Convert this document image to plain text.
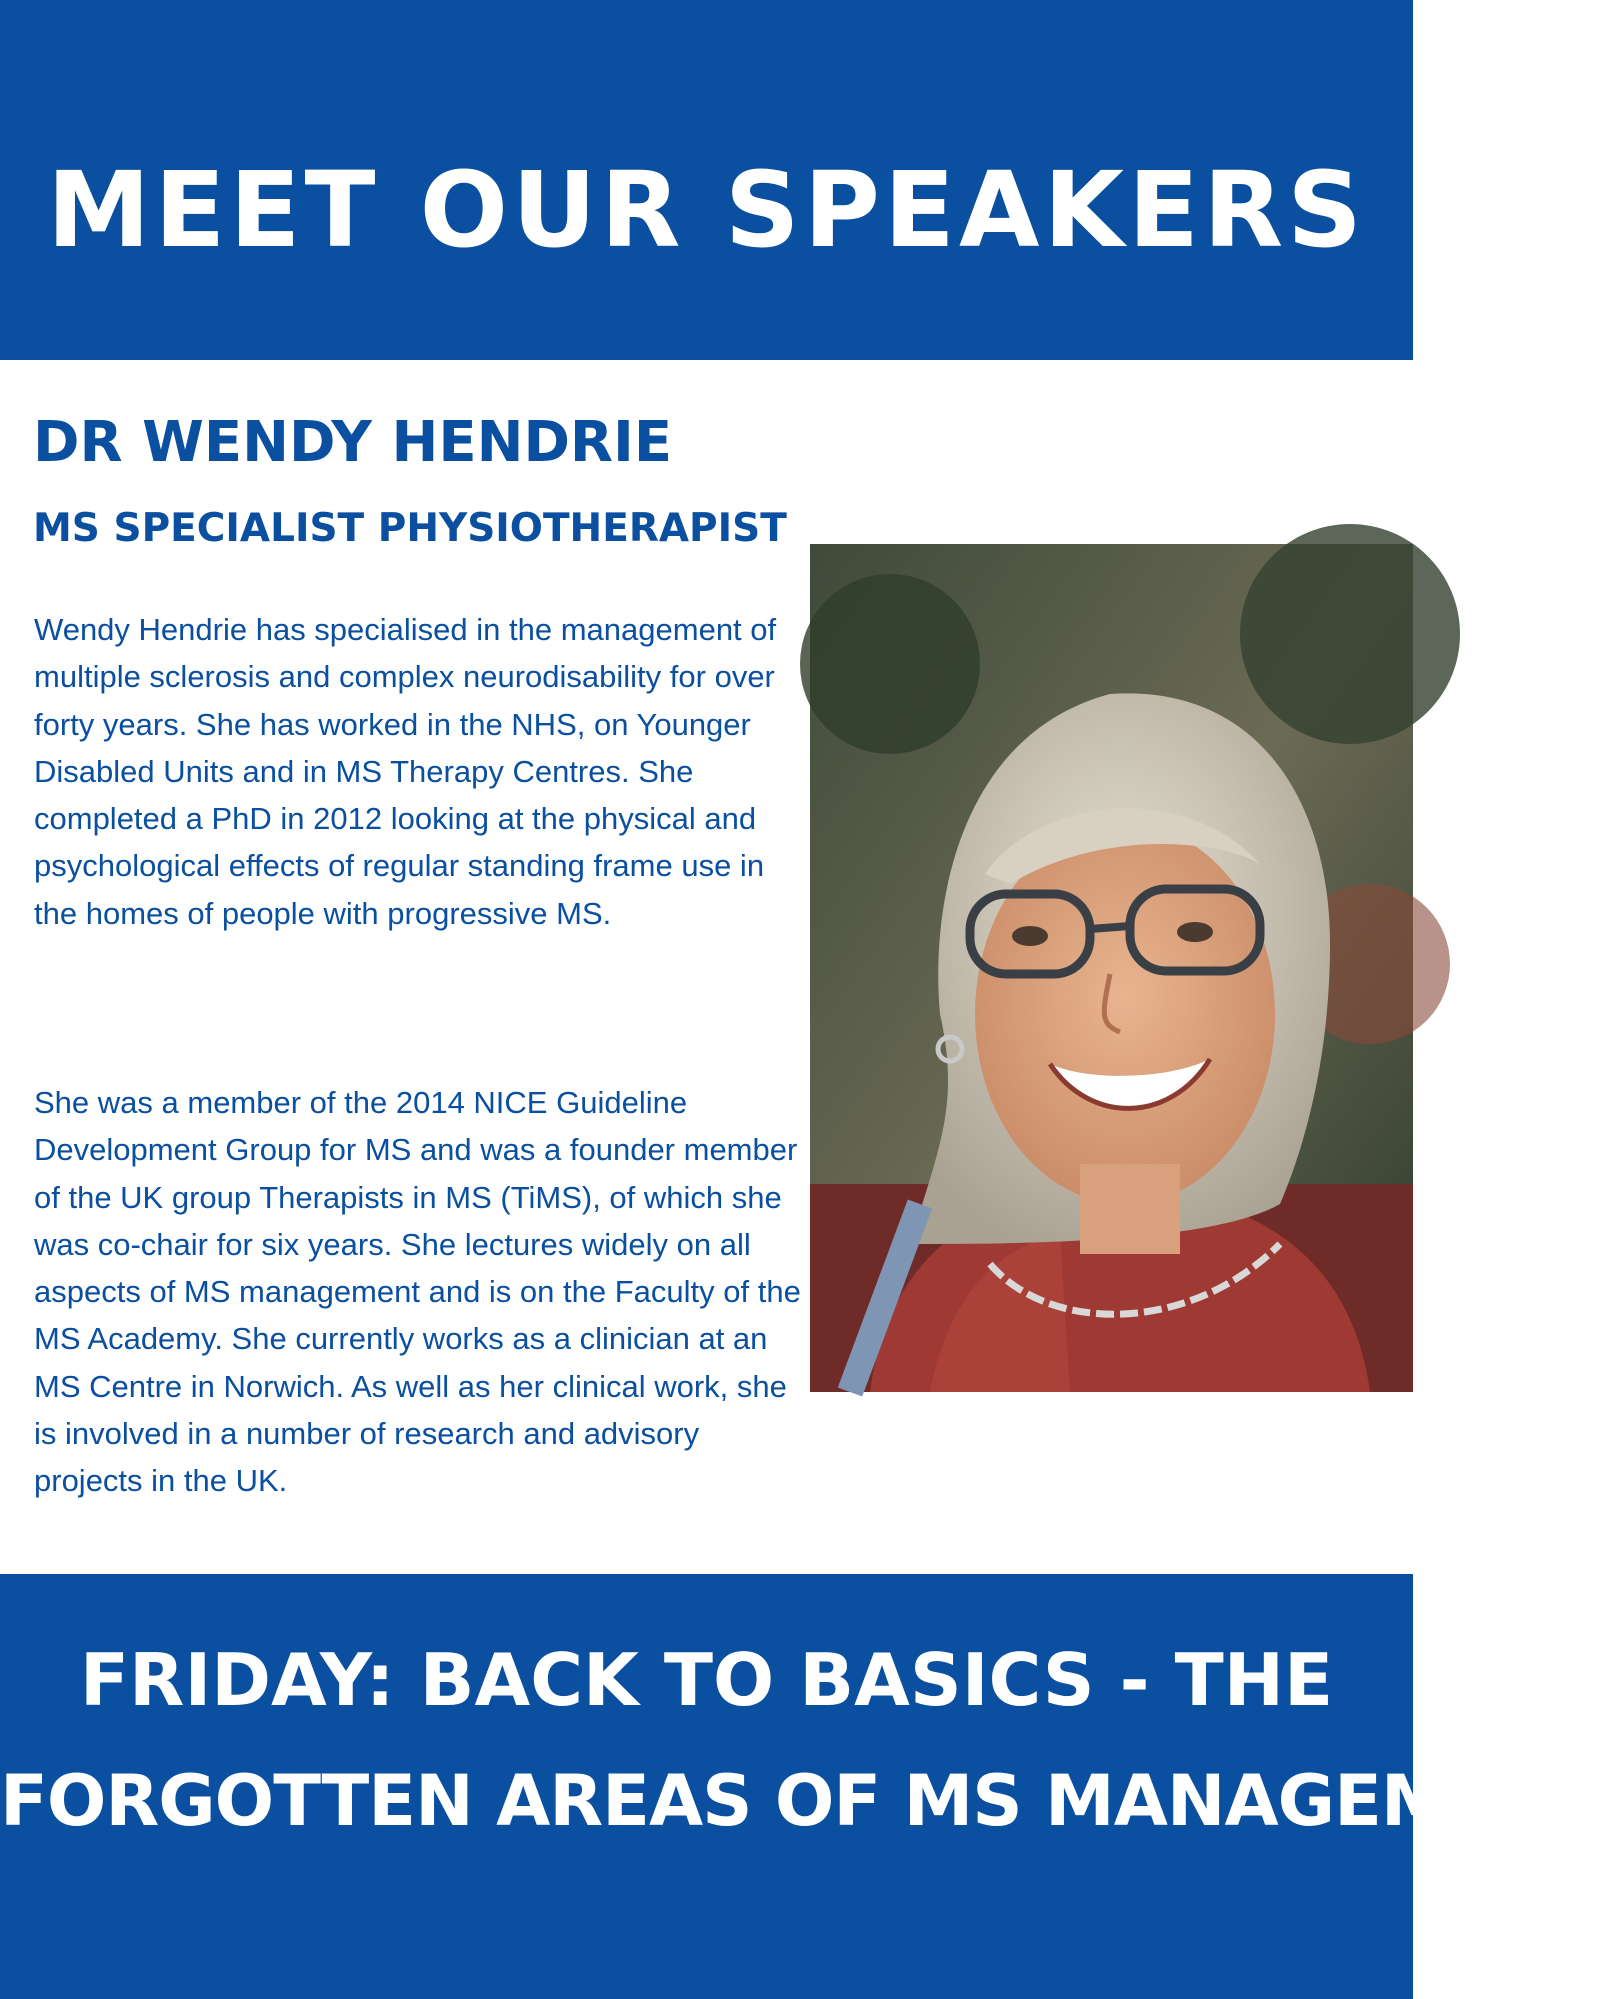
MEET OUR SPEAKERS
DR WENDY HENDRIE
MS SPECIALIST PHYSIOTHERAPIST

Wendy Hendrie has specialised in the management of multiple sclerosis and complex neurodisability for over forty years. She has worked in the NHS, on Younger Disabled Units and in MS Therapy Centres. She completed a PhD in 2012 looking at the physical and psychological effects of regular standing frame use in the homes of people with progressive MS.

She was a member of the 2014 NICE Guideline Development Group for MS and was a founder member of the UK group Therapists in MS (TiMS), of which she was co-chair for six years. She lectures widely on all aspects of MS management and is on the Faculty of the MS Academy. She currently works as a clinician at an MS Centre in Norwich. As well as her clinical work, she is involved in a number of research and advisory projects in the UK.

FRIDAY: BACK TO BASICS - THE
FORGOTTEN AREAS OF MS MANAGEMENT
